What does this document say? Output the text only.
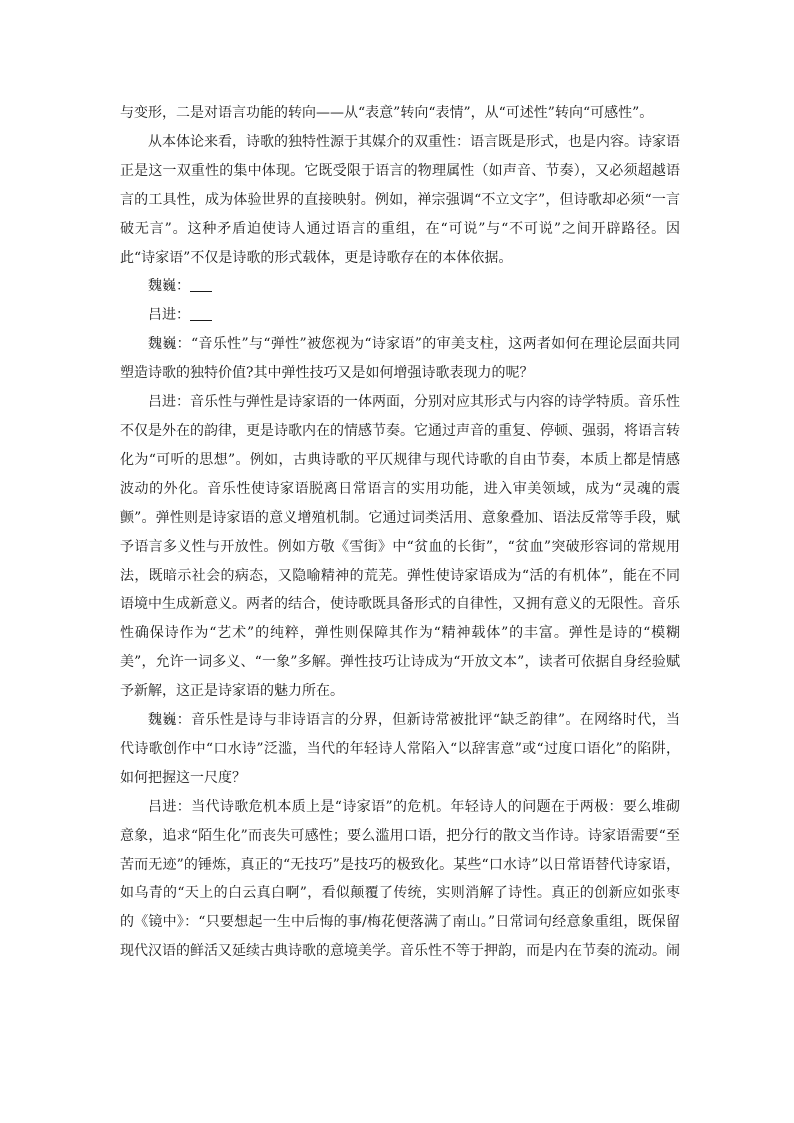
与变形，二是对语言功能的转向——从“表意”转向“表情”，从“可述性”转向“可感性”。

从本体论来看，诗歌的独特性源于其媒介的双重性：语言既是形式，也是内容。诗家语正是这一双重性的集中体现。它既受限于语言的物理属性（如声音、节奏），又必须超越语言的工具性，成为体验世界的直接映射。例如，禅宗强调“不立文字”，但诗歌却必须“一言破无言”。这种矛盾迫使诗人通过语言的重组，在“可说”与“不可说”之间开辟路径。因此“诗家语”不仅是诗歌的形式载体，更是诗歌存在的本体依据。

魏巍：

吕进：

魏巍：“音乐性”与“弹性”被您视为“诗家语”的审美支柱，这两者如何在理论层面共同塑造诗歌的独特价值?其中弹性技巧又是如何增强诗歌表现力的呢？

吕进：音乐性与弹性是诗家语的一体两面，分别对应其形式与内容的诗学特质。音乐性不仅是外在的韵律，更是诗歌内在的情感节奏。它通过声音的重复、停顿、强弱，将语言转化为“可听的思想”。例如，古典诗歌的平仄规律与现代诗歌的自由节奏，本质上都是情感波动的外化。音乐性使诗家语脱离日常语言的实用功能，进入审美领域，成为“灵魂的震颤”。弹性则是诗家语的意义增殖机制。它通过词类活用、意象叠加、语法反常等手段，赋予语言多义性与开放性。例如方敬《雪街》中“贫血的长街”，“贫血”突破形容词的常规用法，既暗示社会的病态，又隐喻精神的荒芜。弹性使诗家语成为“活的有机体”，能在不同语境中生成新意义。两者的结合，使诗歌既具备形式的自律性，又拥有意义的无限性。音乐性确保诗作为“艺术”的纯粹，弹性则保障其作为“精神载体”的丰富。弹性是诗的“模糊美”，允许一词多义、“一象”多解。弹性技巧让诗成为“开放文本”，读者可依据自身经验赋予新解，这正是诗家语的魅力所在。

魏巍：音乐性是诗与非诗语言的分界，但新诗常被批评“缺乏韵律”。在网络时代，当代诗歌创作中“口水诗”泛滥，当代的年轻诗人常陷入“以辞害意”或“过度口语化”的陷阱，如何把握这一尺度？

吕进：当代诗歌危机本质上是“诗家语”的危机。年轻诗人的问题在于两极：要么堆砌意象，追求“陌生化”而丧失可感性；要么滥用口语，把分行的散文当作诗。诗家语需要“至苦而无迹”的锤炼，真正的“无技巧”是技巧的极致化。某些“口水诗”以日常语替代诗家语，如乌青的“天上的白云真白啊”，看似颠覆了传统，实则消解了诗性。真正的创新应如张枣的《镜中》：“只要想起一生中后悔的事/梅花便落满了南山。”日常词句经意象重组，既保留现代汉语的鲜活又延续古典诗歌的意境美学。音乐性不等于押韵，而是内在节奏的流动。闹
